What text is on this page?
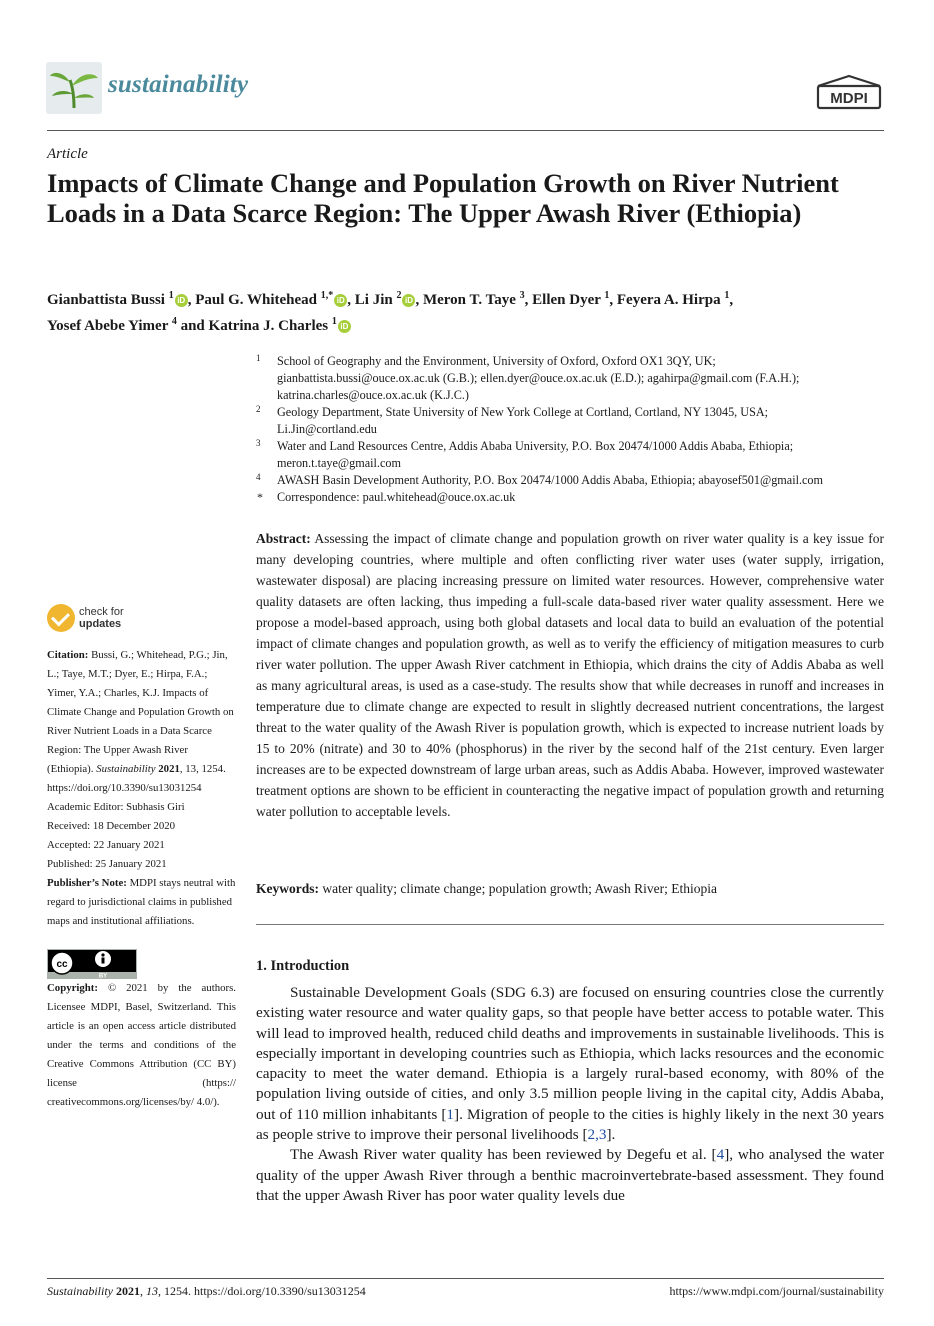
sustainability
MDPI
Article
Impacts of Climate Change and Population Growth on River Nutrient Loads in a Data Scarce Region: The Upper Awash River (Ethiopia)
Gianbattista Bussi $^1$ iD , Paul G. Whitehead $^{1,*}$ iD , Li Jin $^2$ iD , Meron T. Taye $^3$, Ellen Dyer $^1$, Feyera A. Hirpa $^1$,
Yosef Abebe Yimer $^4$ and Katrina J. Charles $^1$ iD
1 School of Geography and the Environment, University of Oxford, Oxford OX1 3QY, UK;
gianbattista.bussi@ouce.ox.ac.uk (G.B.); ellen.dyer@ouce.ox.ac.uk (E.D.); agahirpa@gmail.com (F.A.H.);
katrina.charles@ouce.ox.ac.uk (K.J.C.)
2 Geology Department, State University of New York College at Cortland, Cortland, NY 13045, USA;
Li.Jin@cortland.edu
3 Water and Land Resources Centre, Addis Ababa University, P.O. Box 20474/1000 Addis Ababa, Ethiopia;
meron.t.taye@gmail.com
4 AWASH Basin Development Authority, P.O. Box 20474/1000 Addis Ababa, Ethiopia; abayosef501@gmail.com
* Correspondence: paul.whitehead@ouce.ox.ac.uk
Abstract: Assessing the impact of climate change and population growth on river water quality is a key issue for many developing countries, where multiple and often conflicting river water uses (water supply, irrigation, wastewater disposal) are placing increasing pressure on limited water resources. However, comprehensive water quality datasets are often lacking, thus impeding a full-scale data-based river water quality assessment. Here we propose a model-based approach, using both global datasets and local data to build an evaluation of the potential impact of climate changes and population growth, as well as to verify the efficiency of mitigation measures to curb river water pollution. The upper Awash River catchment in Ethiopia, which drains the city of Addis Ababa as well as many agricultural areas, is used as a case-study. The results show that while decreases in runoff and increases in temperature due to climate change are expected to result in slightly decreased nutrient concentrations, the largest threat to the water quality of the Awash River is population growth, which is expected to increase nutrient loads by 15 to 20% (nitrate) and 30 to 40% (phosphorus) in the river by the second half of the 21st century. Even larger increases are to be expected downstream of large urban areas, such as Addis Ababa. However, improved wastewater treatment options are shown to be efficient in counteracting the negative impact of population growth and returning water pollution to acceptable levels.
Keywords: water quality; climate change; population growth; Awash River; Ethiopia
1. Introduction

Sustainable Development Goals (SDG 6.3) are focused on ensuring countries close the currently existing water resource and water quality gaps, so that people have better access to potable water. This will lead to improved health, reduced child deaths and improvements in sustainable livelihoods. This is especially important in developing countries such as Ethiopia, which lacks resources and the economic capacity to meet the water demand. Ethiopia is a largely rural-based economy, with 80% of the population living outside of cities, and only 3.5 million people living in the capital city, Addis Ababa, out of 110 million inhabitants [1]. Migration of people to the cities is highly likely in the next 30 years as people strive to improve their personal livelihoods [2,3].

The Awash River water quality has been reviewed by Degefu et al. [4], who analysed the water quality of the upper Awash River through a benthic macroinvertebrate-based assessment. They found that the upper Awash River has poor water quality levels due

check for
updates
Citation: Bussi, G.; Whitehead, P.G.; Jin, L.; Taye, M.T.; Dyer, E.; Hirpa, F.A.; Yimer, Y.A.; Charles, K.J. Impacts of Climate Change and Population Growth on River Nutrient Loads in a Data Scarce Region: The Upper Awash River (Ethiopia). Sustainability 2021, 13, 1254.
https://doi.org/10.3390/su13031254
Academic Editor: Subhasis Giri
Received: 18 December 2020
Accepted: 22 January 2021
Published: 25 January 2021
Publisher’s Note: MDPI stays neutral with regard to jurisdictional claims in published maps and institutional affiliations.
cc
BY
Copyright: © 2021 by the authors. Licensee MDPI, Basel, Switzerland. This article is an open access article distributed under the terms and conditions of the Creative Commons Attribution (CC BY) license (https:// creativecommons.org/licenses/by/ 4.0/).
Sustainability 2021, 13, 1254. https://doi.org/10.3390/su13031254	https://www.mdpi.com/journal/sustainability
